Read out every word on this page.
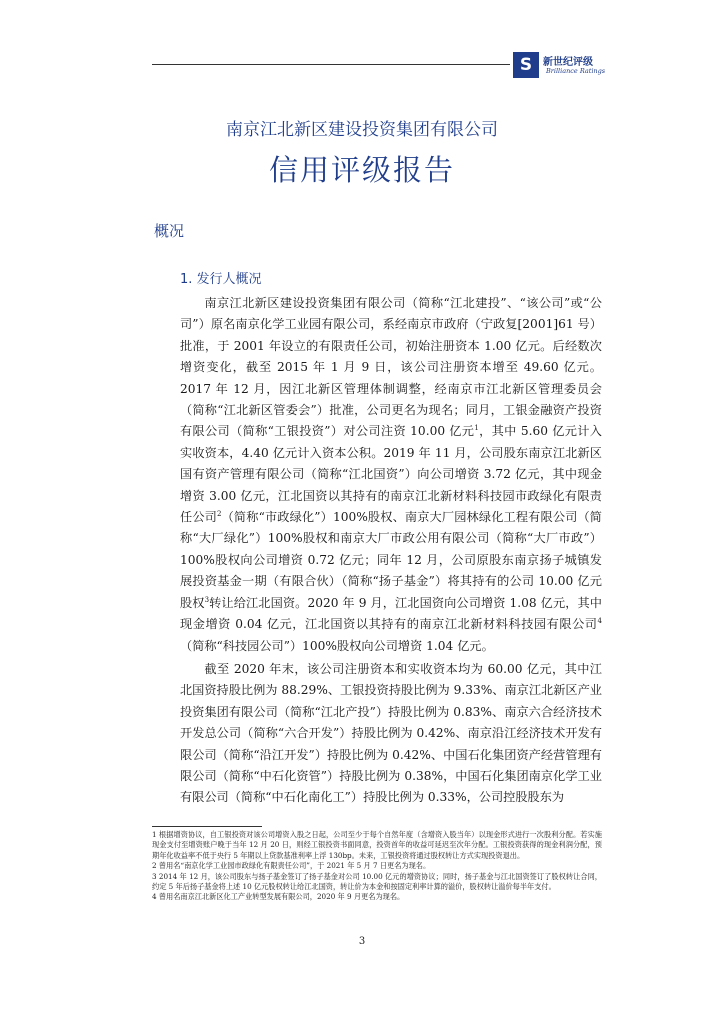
S	新世纪评级
Brilliance Ratings
南京江北新区建设投资集团有限公司
信用评级报告
概况
1. 发行人概况

南京江北新区建设投资集团有限公司（简称“江北建投”、“该公司”或“公司”）原名南京化学工业园有限公司，系经南京市政府（宁政复[2001]61 号）批准，于 2001 年设立的有限责任公司，初始注册资本 1.00 亿元。后经数次增资变化，截至 2015 年 1 月 9 日，该公司注册资本增至 49.60 亿元。2017 年 12 月，因江北新区管理体制调整，经南京市江北新区管理委员会（简称“江北新区管委会”）批准，公司更名为现名；同月，工银金融资产投资有限公司（简称“工银投资”）对公司注资 10.00 亿元$^1$，其中 5.60 亿元计入实收资本，4.40 亿元计入资本公积。2019 年 11 月，公司股东南京江北新区国有资产管理有限公司（简称“江北国资”）向公司增资 3.72 亿元，其中现金增资 3.00 亿元，江北国资以其持有的南京江北新材料科技园市政绿化有限责任公司$^2$（简称“市政绿化”）100%股权、南京大厂园林绿化工程有限公司（简称“大厂绿化”）100%股权和南京大厂市政公用有限公司（简称“大厂市政”）100%股权向公司增资 0.72 亿元；同年 12 月，公司原股东南京扬子城镇发展投资基金一期（有限合伙）（简称“扬子基金”）将其持有的公司 10.00 亿元股权$^3$转让给江北国资。2020 年 9 月，江北国资向公司增资 1.08 亿元，其中现金增资 0.04 亿元，江北国资以其持有的南京江北新材料科技园有限公司$^4$（简称“科技园公司”）100%股权向公司增资 1.04 亿元。

截至 2020 年末，该公司注册资本和实收资本均为 60.00 亿元，其中江北国资持股比例为 88.29%、工银投资持股比例为 9.33%、南京江北新区产业投资集团有限公司（简称“江北产投”）持股比例为 0.83%、南京六合经济技术开发总公司（简称“六合开发”）持股比例为 0.42%、南京沿江经济技术开发有限公司（简称“沿江开发”）持股比例为 0.42%、中国石化集团资产经营管理有限公司（简称“中石化资管”）持股比例为 0.38%，中国石化集团南京化学工业有限公司（简称“中石化南化工”）持股比例为 0.33%，公司控股股东为

1 根据增资协议，自工银投资对该公司增资入股之日起，公司至少于每个自然年度（含增资入股当年）以现金形式进行一次股利分配。若实施现金支付至增资账户晚于当年 12 月 20 日，则经工银投资书面同意，投资首年的收益可延迟至次年分配。工银投资获得的现金利润分配，预期年化收益率不低于央行 5 年期以上贷款基准利率上浮 130bp。未来，工银投资将通过股权转让方式实现投资退出。

2 曾用名“南京化学工业园市政绿化有限责任公司”，于 2021 年 5 月 7 日更名为现名。

3 2014 年 12 月，该公司股东与扬子基金签订了扬子基金对公司 10.00 亿元的增资协议；同时，扬子基金与江北国资签订了股权转让合同，约定 5 年后扬子基金将上述 10 亿元股权转让给江北国资，转让价为本金和按固定利率计算的溢价，股权转让溢价每半年支付。

4 曾用名南京江北新区化工产业转型发展有限公司，2020 年 9 月更名为现名。

3
